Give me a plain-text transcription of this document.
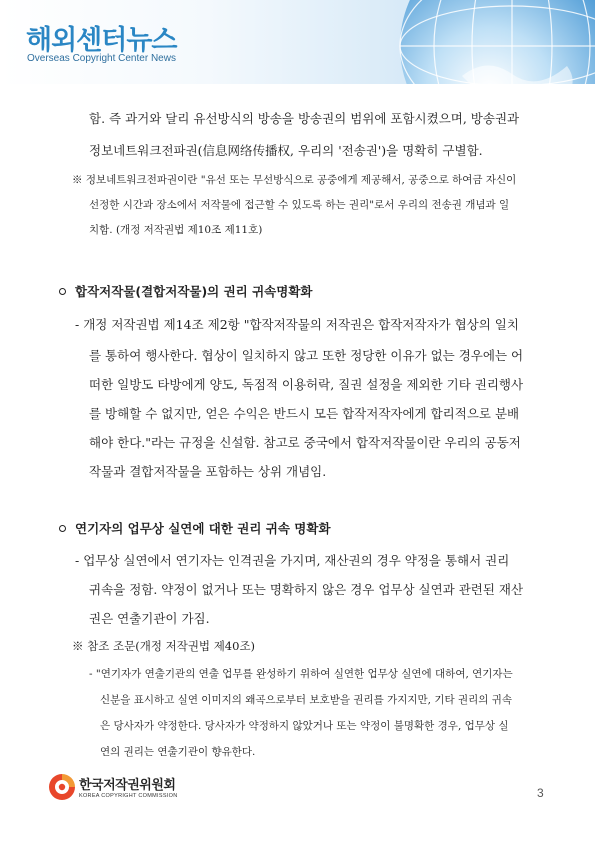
해외센터뉴스
Overseas Copyright Center News
함. 즉 과거와 달리 유선방식의 방송을 방송권의 범위에 포함시켰으며, 방송권과
정보네트워크전파권(信息网络传播权, 우리의 '전송권')을 명확히 구별함.
※ 정보네트워크전파권이란 "유선 또는 무선방식으로 공중에게 제공해서, 공중으로 하여금 자신이
선정한 시간과 장소에서 저작물에 접근할 수 있도록 하는 권리"로서 우리의 전송권 개념과 일
치함. (개정 저작권법 제10조 제11호)
합작저작물(결합저작물)의 권리 귀속명확화
- 개정 저작권법 제14조 제2항 "합작저작물의 저작권은 합작저작자가 협상의 일치
를 통하여 행사한다. 협상이 일치하지 않고 또한 정당한 이유가 없는 경우에는 어
떠한 일방도 타방에게 양도, 독점적 이용허락, 질권 설정을 제외한 기타 권리행사
를 방해할 수 없지만, 얻은 수익은 반드시 모든 합작저작자에게 합리적으로 분배
해야 한다."라는 규정을 신설함. 참고로 중국에서 합작저작물이란 우리의 공동저
작물과 결합저작물을 포함하는 상위 개념임.
연기자의 업무상 실연에 대한 권리 귀속 명확화
- 업무상 실연에서 연기자는 인격권을 가지며, 재산권의 경우 약정을 통해서 권리
귀속을 정함. 약정이 없거나 또는 명확하지 않은 경우 업무상 실연과 관련된 재산
권은 연출기관이 가짐.
※ 참조 조문(개정 저작권법 제40조)
- "연기자가 연출기관의 연출 업무를 완성하기 위하여 실연한 업무상 실연에 대하여, 연기자는
신분을 표시하고 실연 이미지의 왜곡으로부터 보호받을 권리를 가지지만, 기타 권리의 귀속
은 당사자가 약정한다. 당사자가 약정하지 않았거나 또는 약정이 불명확한 경우, 업무상 실
연의 권리는 연출기관이 향유한다.
한국저작권위원회
KOREA COPYRIGHT COMMISSION	3
